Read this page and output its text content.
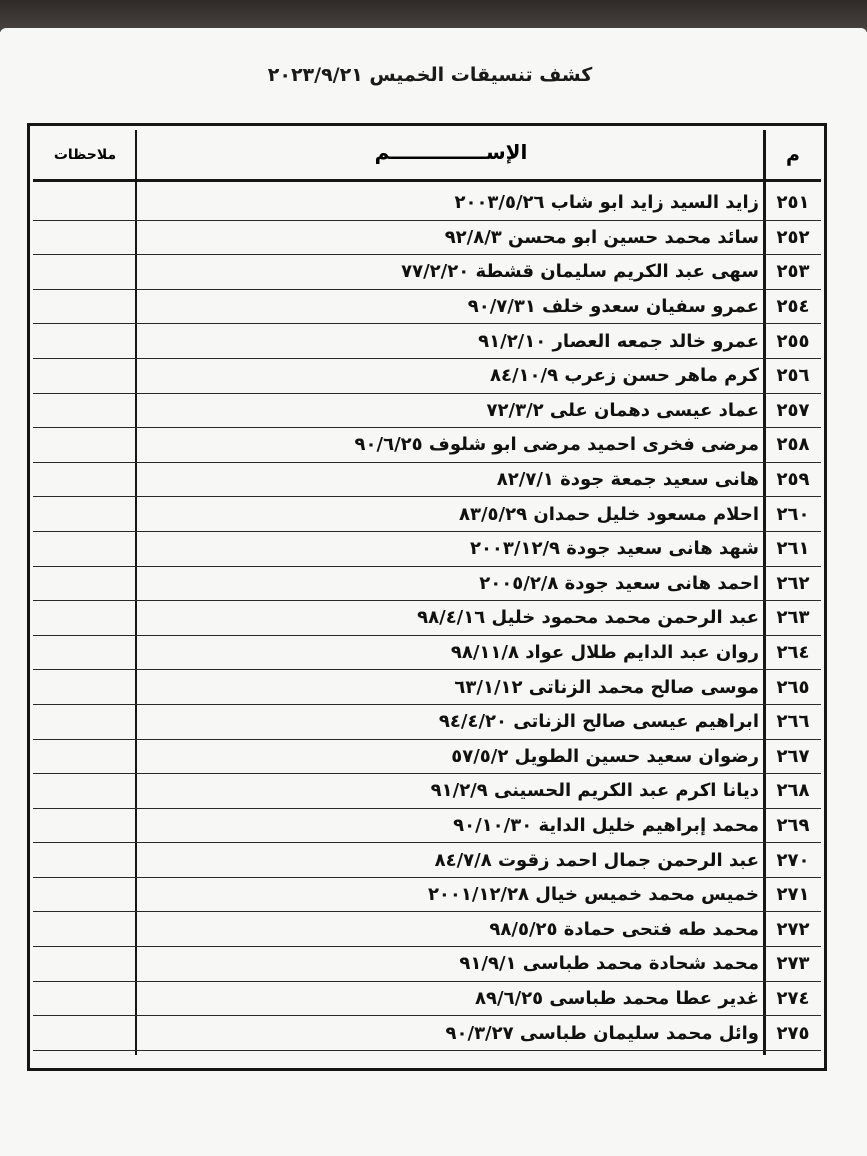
كشف تنسيقات الخميس ٢٠٢٣/٩/٢١
م
الإســــــــــــــم
ملاحظات
٢٥١
زايد السيد زايد ابو شاب ٢٠٠٣/٥/٢٦
٢٥٢
سائد محمد حسين ابو محسن ٩٢/٨/٣
٢٥٣
سهى عبد الكريم سليمان قشطة ٧٧/٢/٢٠
٢٥٤
عمرو سفيان سعدو خلف ٩٠/٧/٣١
٢٥٥
عمرو خالد جمعه العصار ٩١/٢/١٠
٢٥٦
كرم ماهر حسن زعرب ٨٤/١٠/٩
٢٥٧
عماد عيسى دهمان على ٧٢/٣/٢
٢٥٨
مرضى فخرى احميد مرضى ابو شلوف ٩٠/٦/٢٥
٢٥٩
هانى سعيد جمعة جودة ٨٢/٧/١
٢٦٠
احلام مسعود خليل حمدان ٨٣/٥/٢٩
٢٦١
شهد هانى سعيد جودة ٢٠٠٣/١٢/٩
٢٦٢
احمد هانى سعيد جودة ٢٠٠٥/٢/٨
٢٦٣
عبد الرحمن محمد محمود خليل ٩٨/٤/١٦
٢٦٤
روان عبد الدايم طلال عواد ٩٨/١١/٨
٢٦٥
موسى صالح محمد الزناتى ٦٣/١/١٢
٢٦٦
ابراهيم عيسى صالح الزناتى ٩٤/٤/٢٠
٢٦٧
رضوان سعيد حسين الطويل ٥٧/٥/٢
٢٦٨
ديانا اكرم عبد الكريم الحسينى ٩١/٢/٩
٢٦٩
محمد إبراهيم خليل الداية ٩٠/١٠/٣٠
٢٧٠
عبد الرحمن جمال احمد زقوت ٨٤/٧/٨
٢٧١
خميس محمد خميس خيال ٢٠٠١/١٢/٢٨
٢٧٢
محمد طه فتحى حمادة ٩٨/٥/٢٥
٢٧٣
محمد شحادة محمد طباسى ٩١/٩/١
٢٧٤
غدير عطا محمد طباسى ٨٩/٦/٢٥
٢٧٥
وائل محمد سليمان طباسى ٩٠/٣/٢٧
